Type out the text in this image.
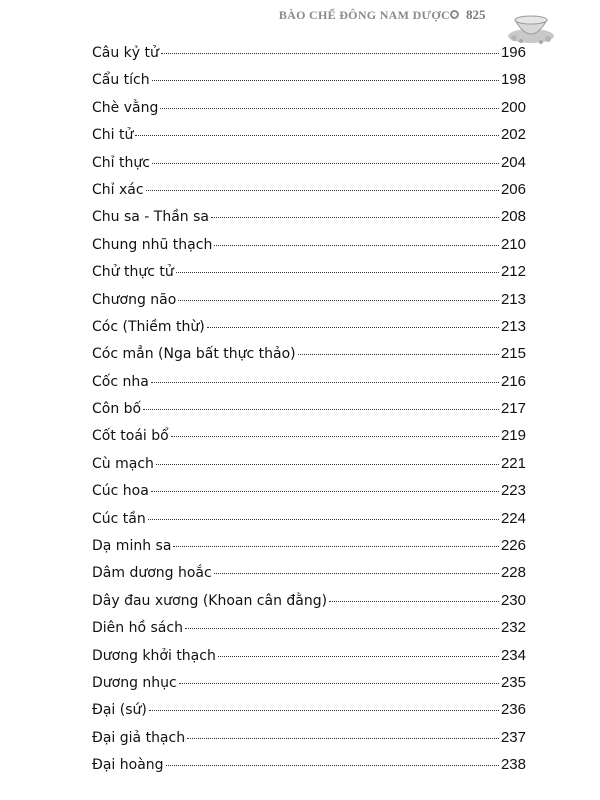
BÀO CHẾ ĐÔNG NAM DƯỢC 825
Câu kỷ tử	196
Cẩu tích	198
Chè vằng	200
Chi tử	202
Chỉ thực	204
Chỉ xác	206
Chu sa - Thần sa	208
Chung nhũ thạch	210
Chử thực tử	212
Chương não	213
Cóc (Thiềm thừ)	213
Cóc mẳn (Nga bất thực thảo)	215
Cốc nha	216
Côn bố	217
Cốt toái bổ	219
Cù mạch	221
Cúc hoa	223
Cúc tần	224
Dạ minh sa	226
Dâm dương hoắc	228
Dây đau xương (Khoan cân đằng)	230
Diên hồ sách	232
Dương khởi thạch	234
Dương nhục	235
Đại (sứ)	236
Đại giả thạch	237
Đại hoàng	238
